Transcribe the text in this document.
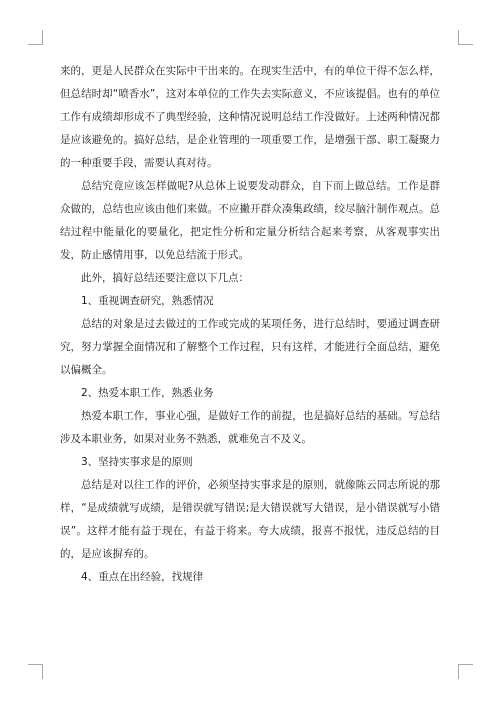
来的，更是人民群众在实际中干出来的。在现实生活中，有的单位干得不怎么样，但总结时却“喷香水”，这对本单位的工作失去实际意义，不应该提倡。也有的单位工作有成绩却形成不了典型经验，这种情况说明总结工作没做好。上述两种情况都是应该避免的。搞好总结，是企业管理的一项重要工作，是增强干部、职工凝聚力的一种重要手段，需要认真对待。

总结究竟应该怎样做呢?从总体上说要发动群众，自下而上做总结。工作是群众做的，总结也应该由他们来做。不应撇开群众凑集政绩，绞尽脑汁制作观点。总结过程中能量化的要量化，把定性分析和定量分析结合起来考察，从客观事实出发，防止感情用事，以免总结流于形式。

此外，搞好总结还要注意以下几点：

1、重视调查研究，熟悉情况

总结的对象是过去做过的工作或完成的某项任务，进行总结时，要通过调查研究，努力掌握全面情况和了解整个工作过程，只有这样，才能进行全面总结，避免以偏概全。

2、热爱本职工作，熟悉业务

热爱本职工作，事业心强，是做好工作的前提，也是搞好总结的基础。写总结涉及本职业务，如果对业务不熟悉，就难免言不及义。

3、坚持实事求是的原则

总结是对以往工作的评价，必须坚持实事求是的原则，就像陈云同志所说的那样，“是成绩就写成绩，是错误就写错误;是大错误就写大错误，是小错误就写小错误”。这样才能有益于现在，有益于将来。夸大成绩，报喜不报忧，违反总结的目的，是应该摒弃的。

4、重点在出经验，找规律
